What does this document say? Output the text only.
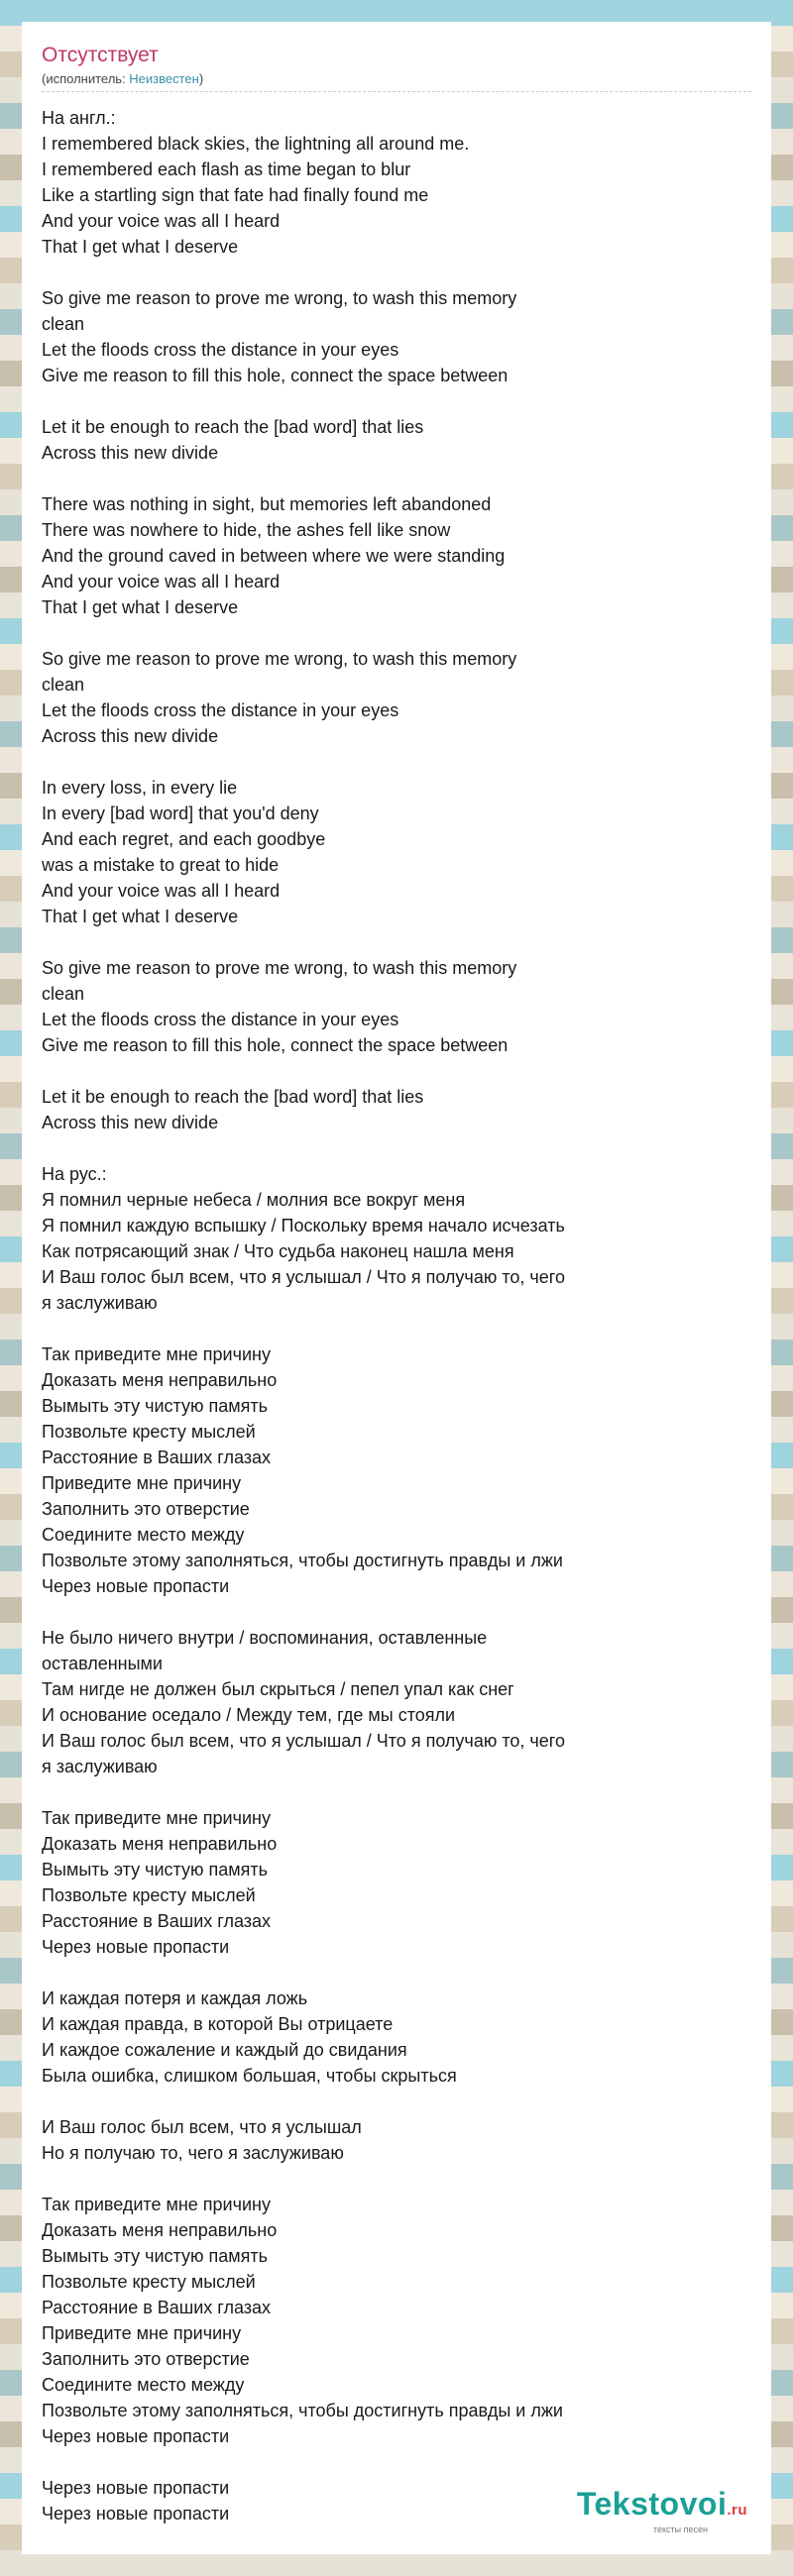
Отсутствует
(исполнитель: Неизвестен)
На англ.:
I remembered black skies, the lightning all around me.
I remembered each flash as time began to blur
Like a startling sign that fate had finally found me
And your voice was all I heard
That I get what I deserve
So give me reason to prove me wrong, to wash this memory
clean
Let the floods cross the distance in your eyes
Give me reason to fill this hole, connect the space between
Let it be enough to reach the [bad word] that lies
Across this new divide
There was nothing in sight, but memories left abandoned
There was nowhere to hide, the ashes fell like snow
And the ground caved in between where we were standing
And your voice was all I heard
That I get what I deserve
So give me reason to prove me wrong, to wash this memory
clean
Let the floods cross the distance in your eyes
Across this new divide
In every loss, in every lie
In every [bad word] that you'd deny
And each regret, and each goodbye
was a mistake to great to hide
And your voice was all I heard
That I get what I deserve
So give me reason to prove me wrong, to wash this memory
clean
Let the floods cross the distance in your eyes
Give me reason to fill this hole, connect the space between
Let it be enough to reach the [bad word] that lies
Across this new divide
На рус.:
Я помнил черные небеса / молния все вокруг меня
Я помнил каждую вспышку / Поскольку время начало исчезать
Как потрясающий знак / Что судьба наконец нашла меня
И Ваш голос был всем, что я услышал / Что я получаю то, чего
я заслуживаю
Так приведите мне причину
Доказать меня неправильно
Вымыть эту чистую память
Позвольте кресту мыслей
Расстояние в Ваших глазах
Приведите мне причину
Заполнить это отверстие
Соедините место между
Позвольте этому заполняться, чтобы достигнуть правды и лжи
Через новые пропасти
Не было ничего внутри / воспоминания, оставленные
оставленными
Там нигде не должен был скрыться / пепел упал как снег
И основание оседало / Между тем, где мы стояли
И Ваш голос был всем, что я услышал / Что я получаю то, чего
я заслуживаю
Так приведите мне причину
Доказать меня неправильно
Вымыть эту чистую память
Позвольте кресту мыслей
Расстояние в Ваших глазах
Через новые пропасти
И каждая потеря и каждая ложь
И каждая правда, в которой Вы отрицаете
И каждое сожаление и каждый до свидания
Была ошибка, слишком большая, чтобы скрыться
И Ваш голос был всем, что я услышал
Но я получаю то, чего я заслуживаю
Так приведите мне причину
Доказать меня неправильно
Вымыть эту чистую память
Позвольте кресту мыслей
Расстояние в Ваших глазах
Приведите мне причину
Заполнить это отверстие
Соедините место между
Позвольте этому заполняться, чтобы достигнуть правды и лжи
Через новые пропасти
Через новые пропасти
Через новые пропасти	Tekstovoi.ru
тексты песен
